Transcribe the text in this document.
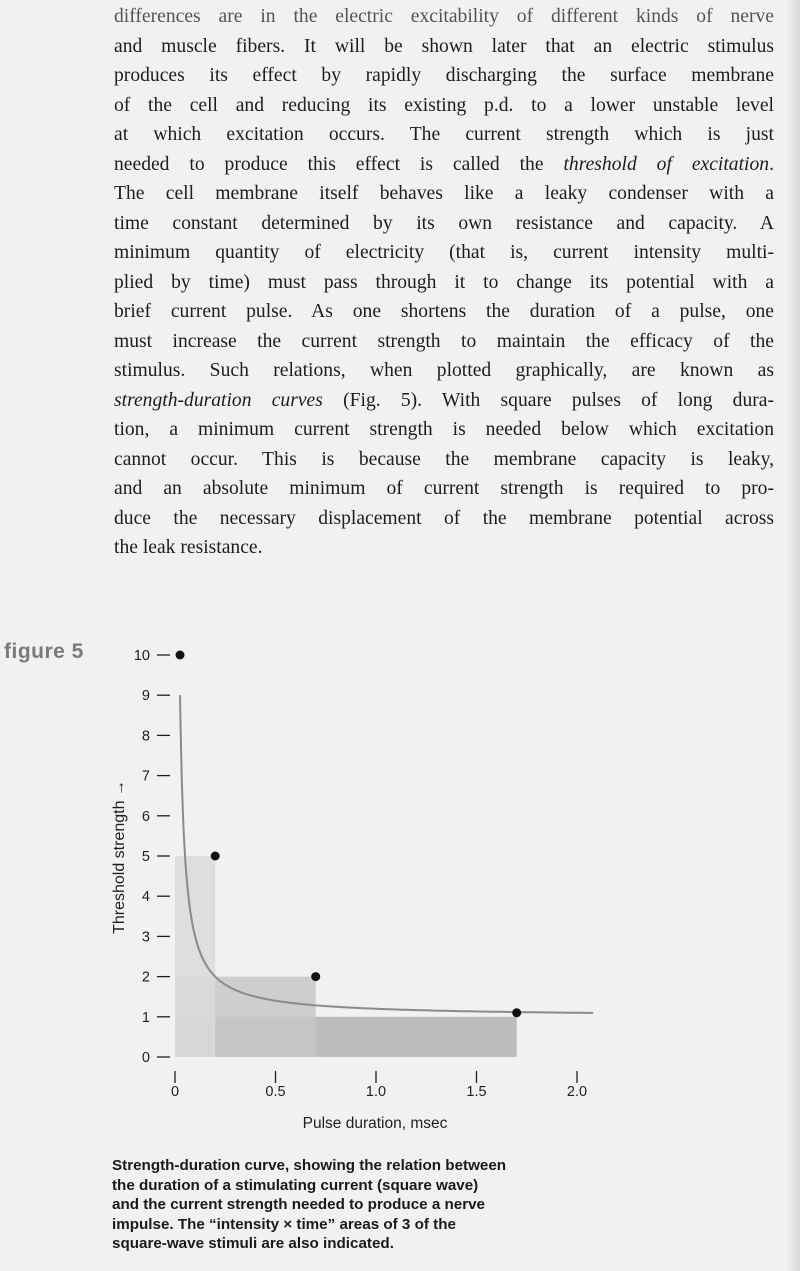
differences are in the electric excitability of different kinds of nerve
and muscle fibers. It will be shown later that an electric stimulus
produces its effect by rapidly discharging the surface membrane
of the cell and reducing its existing p.d. to a lower unstable level
at which excitation occurs. The current strength which is just
needed to produce this effect is called the threshold of excitation.
The cell membrane itself behaves like a leaky condenser with a
time constant determined by its own resistance and capacity. A
minimum quantity of electricity (that is, current intensity multi-
plied by time) must pass through it to change its potential with a
brief current pulse. As one shortens the duration of a pulse, one
must increase the current strength to maintain the efficacy of the
stimulus. Such relations, when plotted graphically, are known as
strength-duration curves (Fig. 5). With square pulses of long dura-
tion, a minimum current strength is needed below which excitation
cannot occur. This is because the membrane capacity is leaky,
and an absolute minimum of current strength is required to pro-
duce the necessary displacement of the membrane potential across
the leak resistance.
figure 5
0
1
2
3
4
5
6
7
8
9
10
0	0.5	1.0	1.5	2.0
Threshold strength →
Pulse duration, msec
Strength-duration curve, showing the relation between
the duration of a stimulating current (square wave)
and the current strength needed to produce a nerve
impulse. The “intensity × time” areas of 3 of the
square-wave stimuli are also indicated.
